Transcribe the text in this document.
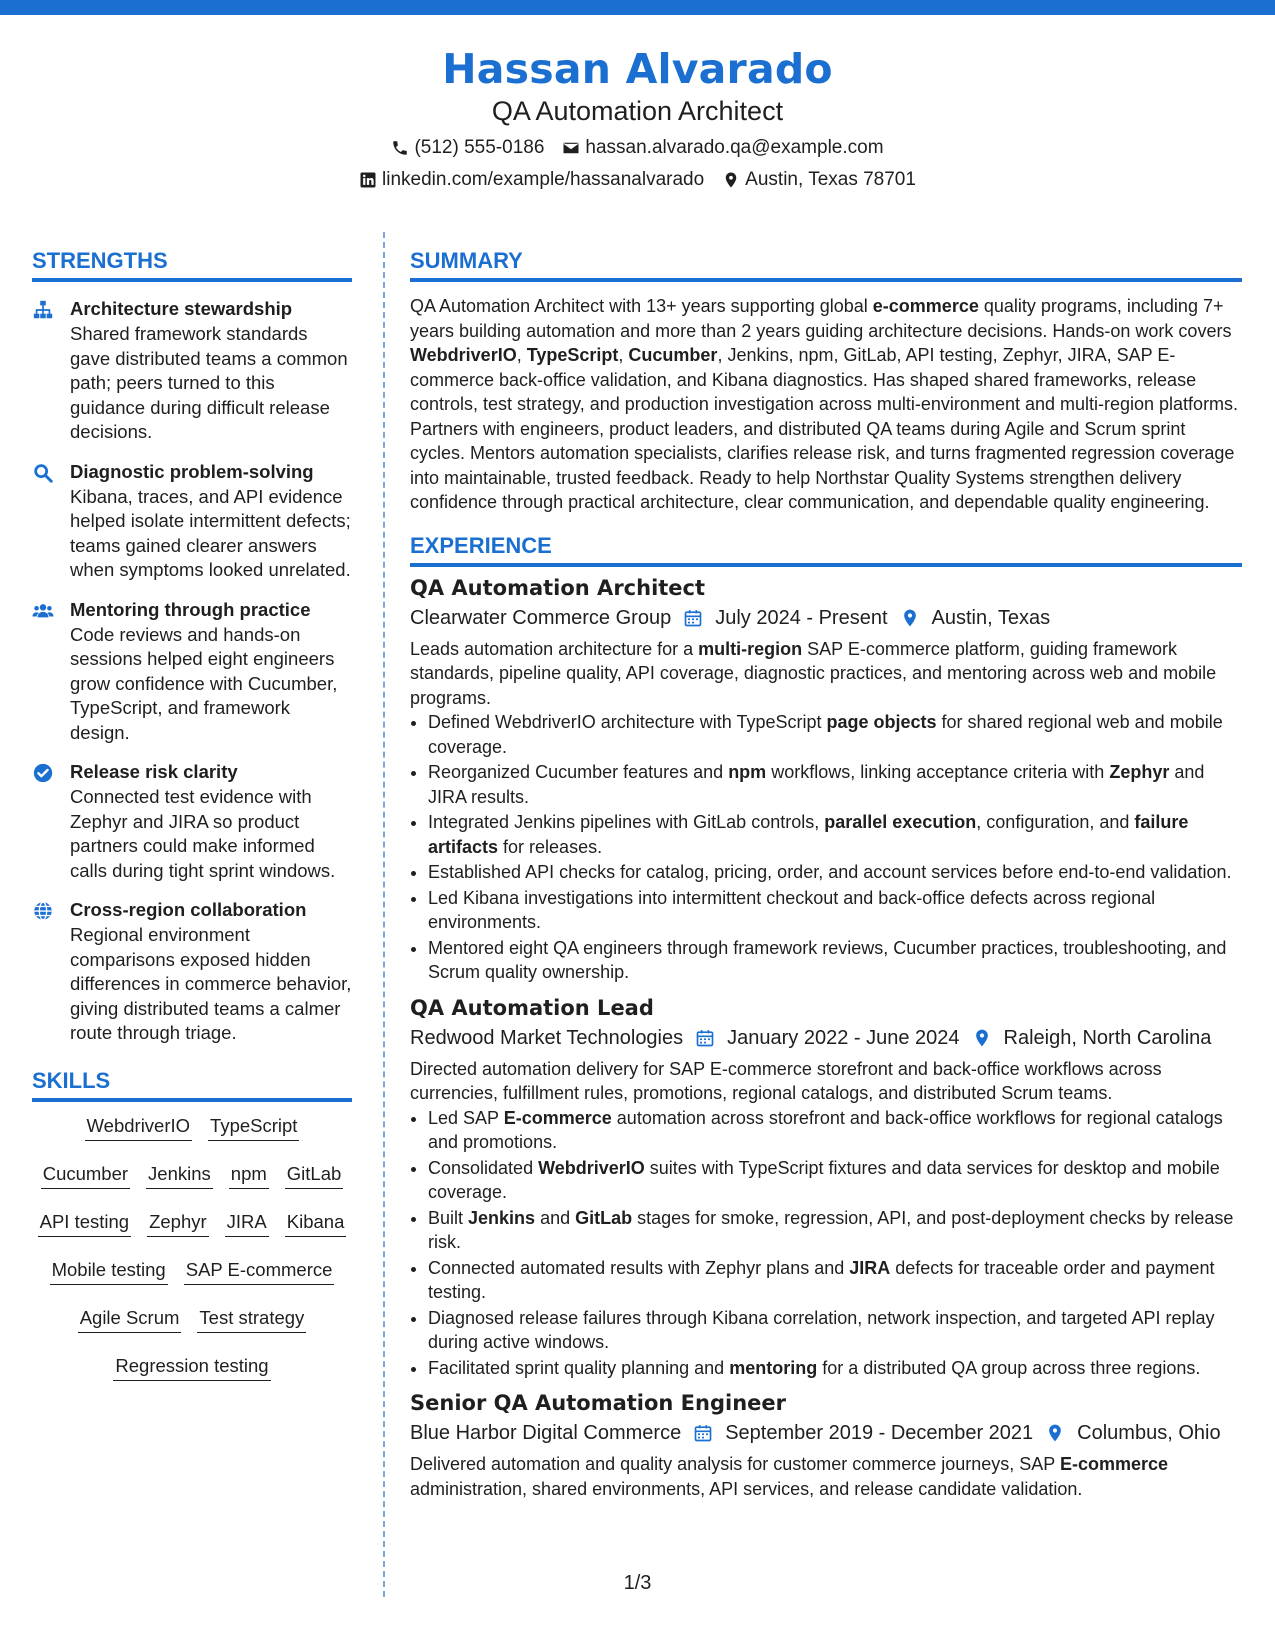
Hassan Alvarado
QA Automation Architect
(512) 555-0186 hassan.alvarado.qa@example.com
linkedin.com/example/hassanalvarado Austin, Texas 78701
STRENGTHS
Architecture stewardship
Shared framework standards gave distributed teams a common path; peers turned to this guidance during difficult release decisions.
Diagnostic problem-solving
Kibana, traces, and API evidence helped isolate intermittent defects; teams gained clearer answers when symptoms looked unrelated.
Mentoring through practice
Code reviews and hands-on sessions helped eight engineers grow confidence with Cucumber, TypeScript, and framework design.
Release risk clarity
Connected test evidence with Zephyr and JIRA so product partners could make informed calls during tight sprint windows.
Cross-region collaboration
Regional environment comparisons exposed hidden differences in commerce behavior, giving distributed teams a calmer route through triage.
SKILLS
WebdriverIO TypeScript
Cucumber Jenkins npm GitLab
API testing Zephyr JIRA Kibana
Mobile testing SAP E-commerce
Agile Scrum Test strategy
Regression testing
SUMMARY
QA Automation Architect with 13+ years supporting global e-commerce quality programs, including 7+ years building automation and more than 2 years guiding architecture decisions. Hands-on work covers WebdriverIO, TypeScript, Cucumber, Jenkins, npm, GitLab, API testing, Zephyr, JIRA, SAP E-commerce back-office validation, and Kibana diagnostics. Has shaped shared frameworks, release controls, test strategy, and production investigation across multi-environment and multi-region platforms. Partners with engineers, product leaders, and distributed QA teams during Agile and Scrum sprint cycles. Mentors automation specialists, clarifies release risk, and turns fragmented regression coverage into maintainable, trusted feedback. Ready to help Northstar Quality Systems strengthen delivery confidence through practical architecture, clear communication, and dependable quality engineering.
EXPERIENCE
QA Automation Architect
Clearwater Commerce Group July 2024 - Present Austin, Texas
Leads automation architecture for a multi-region SAP E-commerce platform, guiding framework standards, pipeline quality, API coverage, diagnostic practices, and mentoring across web and mobile programs.
• Defined WebdriverIO architecture with TypeScript page objects for shared regional web and mobile coverage.
• Reorganized Cucumber features and npm workflows, linking acceptance criteria with Zephyr and JIRA results.
• Integrated Jenkins pipelines with GitLab controls, parallel execution, configuration, and failure artifacts for releases.
• Established API checks for catalog, pricing, order, and account services before end-to-end validation.
• Led Kibana investigations into intermittent checkout and back-office defects across regional environments.
• Mentored eight QA engineers through framework reviews, Cucumber practices, troubleshooting, and Scrum quality ownership.
QA Automation Lead
Redwood Market Technologies January 2022 - June 2024 Raleigh, North Carolina
Directed automation delivery for SAP E-commerce storefront and back-office workflows across currencies, fulfillment rules, promotions, regional catalogs, and distributed Scrum teams.
• Led SAP E-commerce automation across storefront and back-office workflows for regional catalogs and promotions.
• Consolidated WebdriverIO suites with TypeScript fixtures and data services for desktop and mobile coverage.
• Built Jenkins and GitLab stages for smoke, regression, API, and post-deployment checks by release risk.
• Connected automated results with Zephyr plans and JIRA defects for traceable order and payment testing.
• Diagnosed release failures through Kibana correlation, network inspection, and targeted API replay during active windows.
• Facilitated sprint quality planning and mentoring for a distributed QA group across three regions.
Senior QA Automation Engineer
Blue Harbor Digital Commerce September 2019 - December 2021 Columbus, Ohio
Delivered automation and quality analysis for customer commerce journeys, SAP E-commerce administration, shared environments, API services, and release candidate validation.
1/3
